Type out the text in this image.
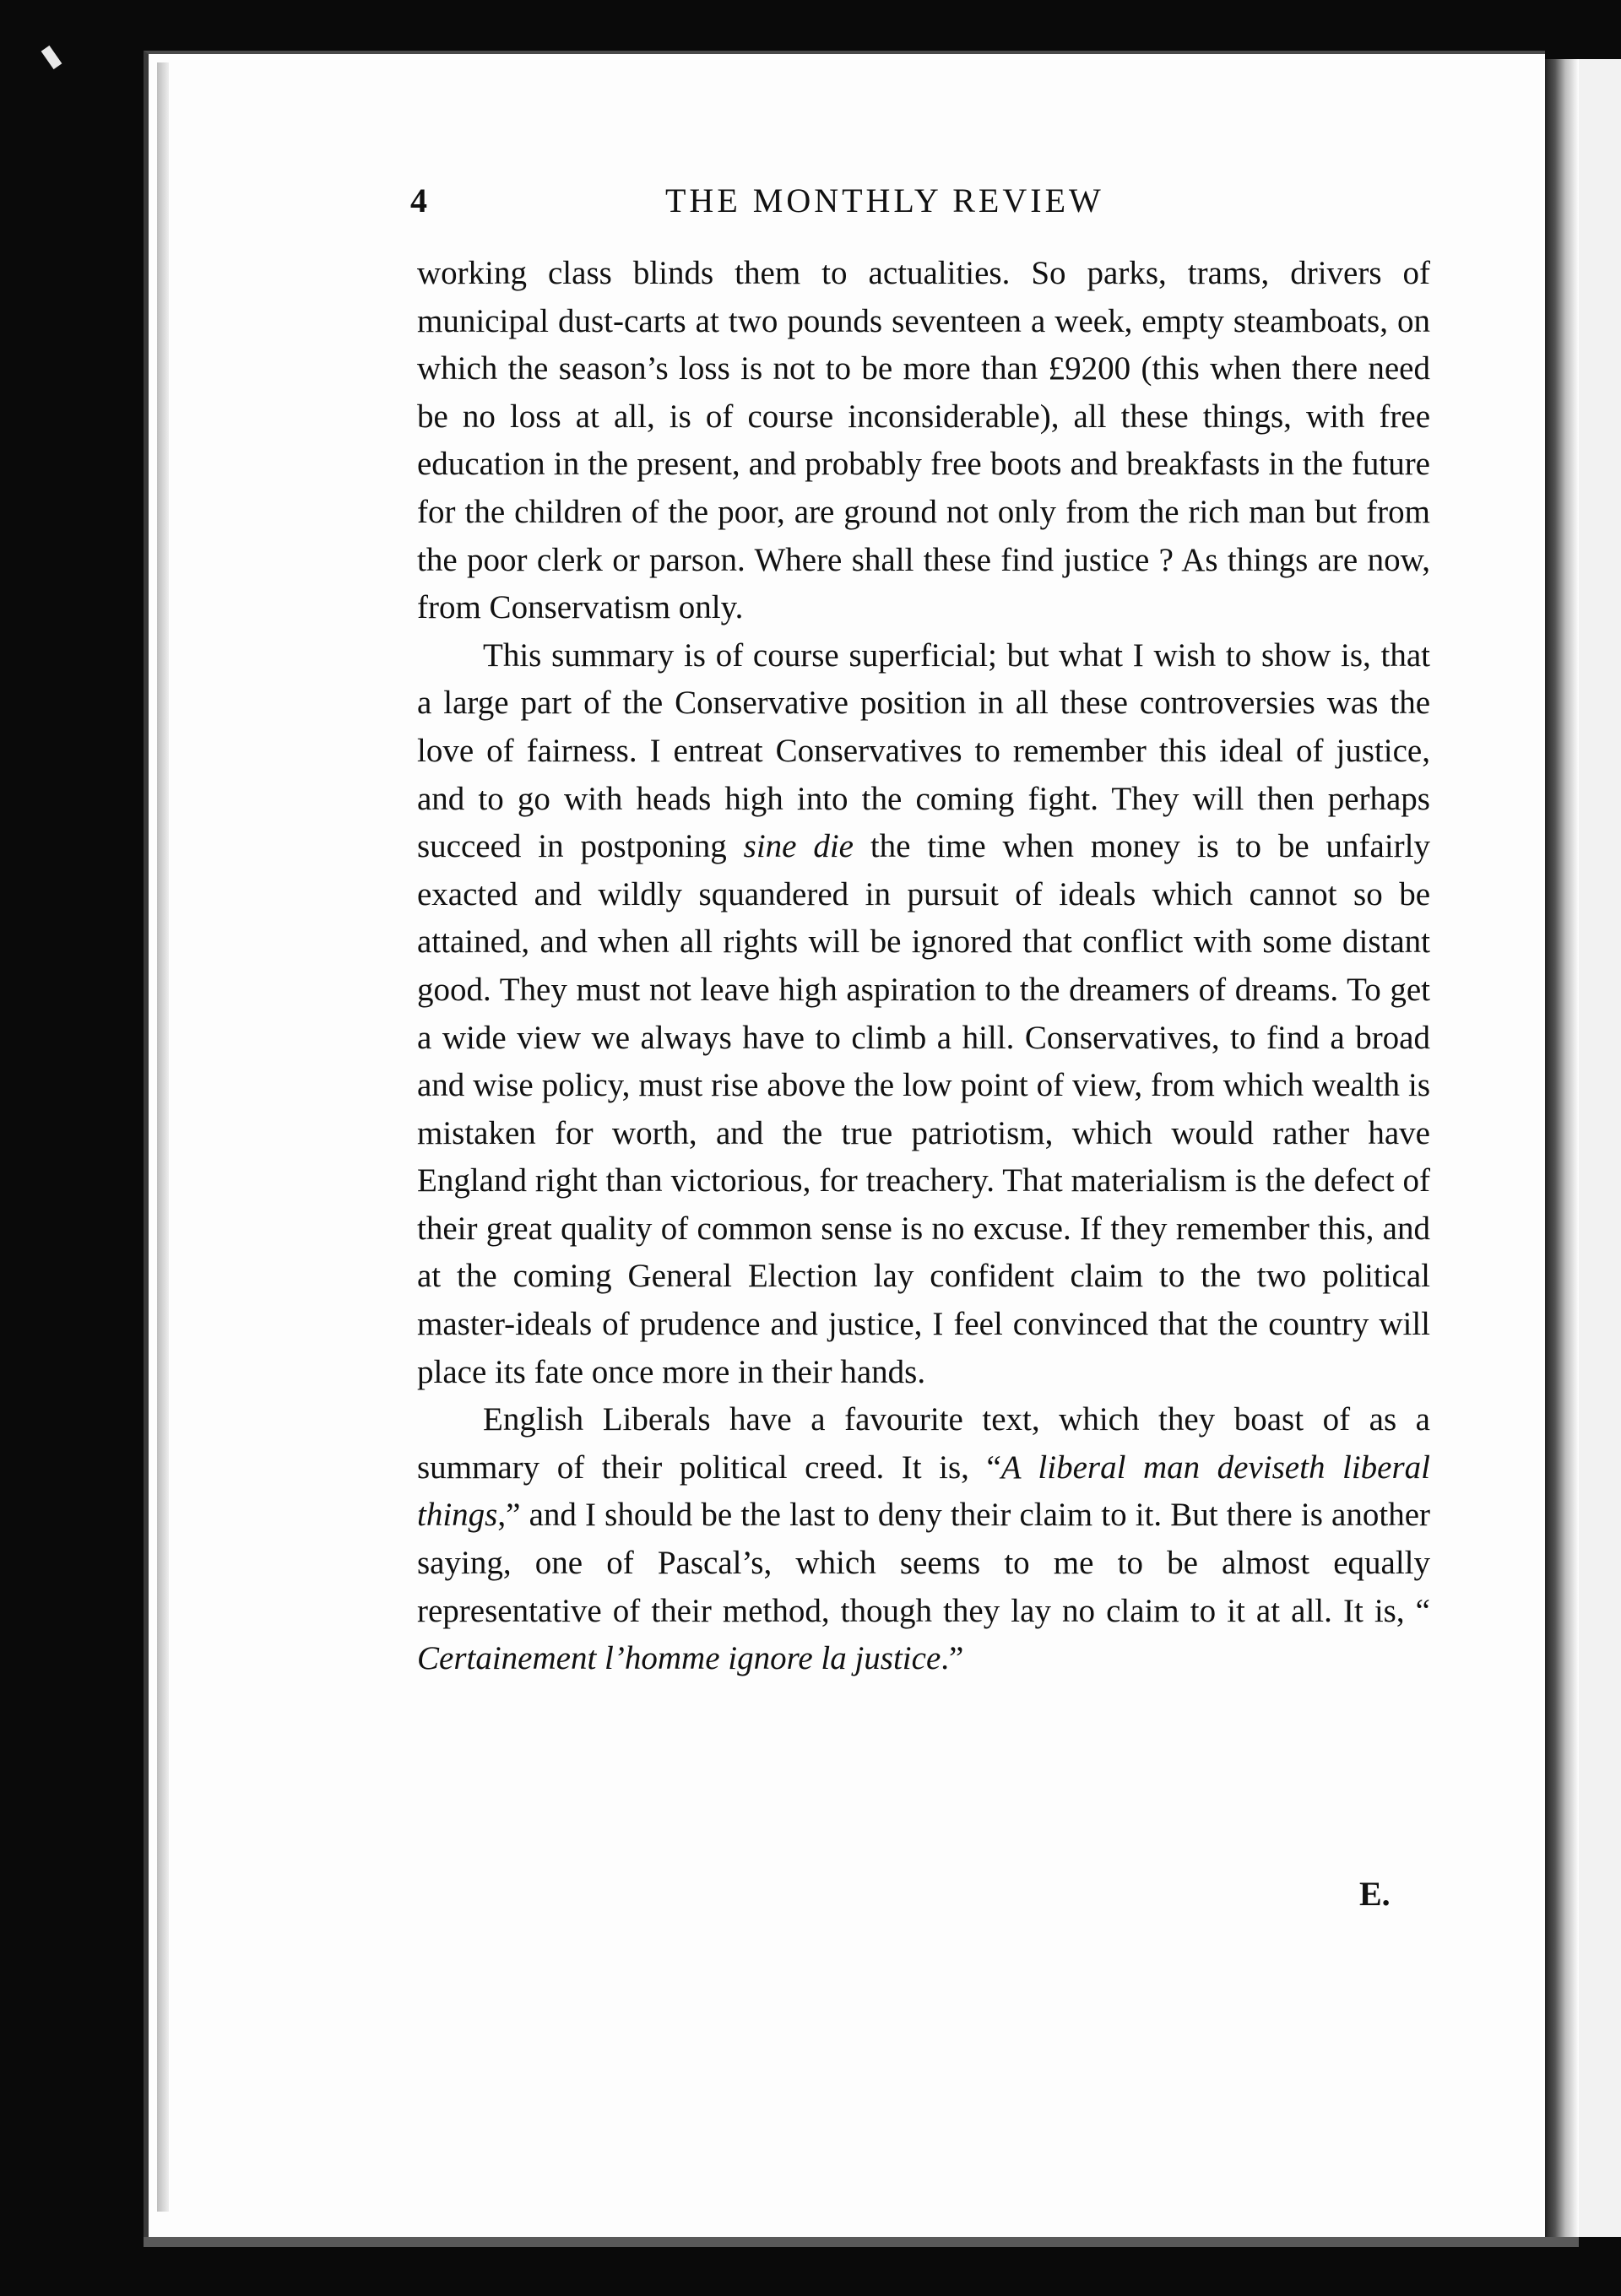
4	THE MONTHLY REVIEW

working class blinds them to actualities. So parks, trams, drivers of municipal dust-carts at two pounds seventeen a week, empty steamboats, on which the season’s loss is not to be more than £9200 (this when there need be no loss at all, is of course inconsiderable), all these things, with free education in the present, and probably free boots and breakfasts in the future for the children of the poor, are ground not only from the rich man but from the poor clerk or parson. Where shall these find justice ? As things are now, from Conservatism only.

This summary is of course superficial; but what I wish to show is, that a large part of the Conservative position in all these controversies was the love of fairness. I entreat Conservatives to remember this ideal of justice, and to go with heads high into the coming fight. They will then perhaps succeed in postponing sine die the time when money is to be unfairly exacted and wildly squandered in pursuit of ideals which cannot so be attained, and when all rights will be ignored that conflict with some distant good. They must not leave high aspiration to the dreamers of dreams. To get a wide view we always have to climb a hill. Conservatives, to find a broad and wise policy, must rise above the low point of view, from which wealth is mistaken for worth, and the true patriotism, which would rather have England right than victorious, for treachery. That materialism is the defect of their great quality of common sense is no excuse. If they remember this, and at the coming General Election lay confident claim to the two political master-ideals of prudence and justice, I feel convinced that the country will place its fate once more in their hands.

English Liberals have a favourite text, which they boast of as a summary of their political creed. It is, “A liberal man deviseth liberal things,” and I should be the last to deny their claim to it. But there is another saying, one of Pascal’s, which seems to me to be almost equally representative of their method, though they lay no claim to it at all. It is, “ Certainement l’homme ignore la justice.”

E.
